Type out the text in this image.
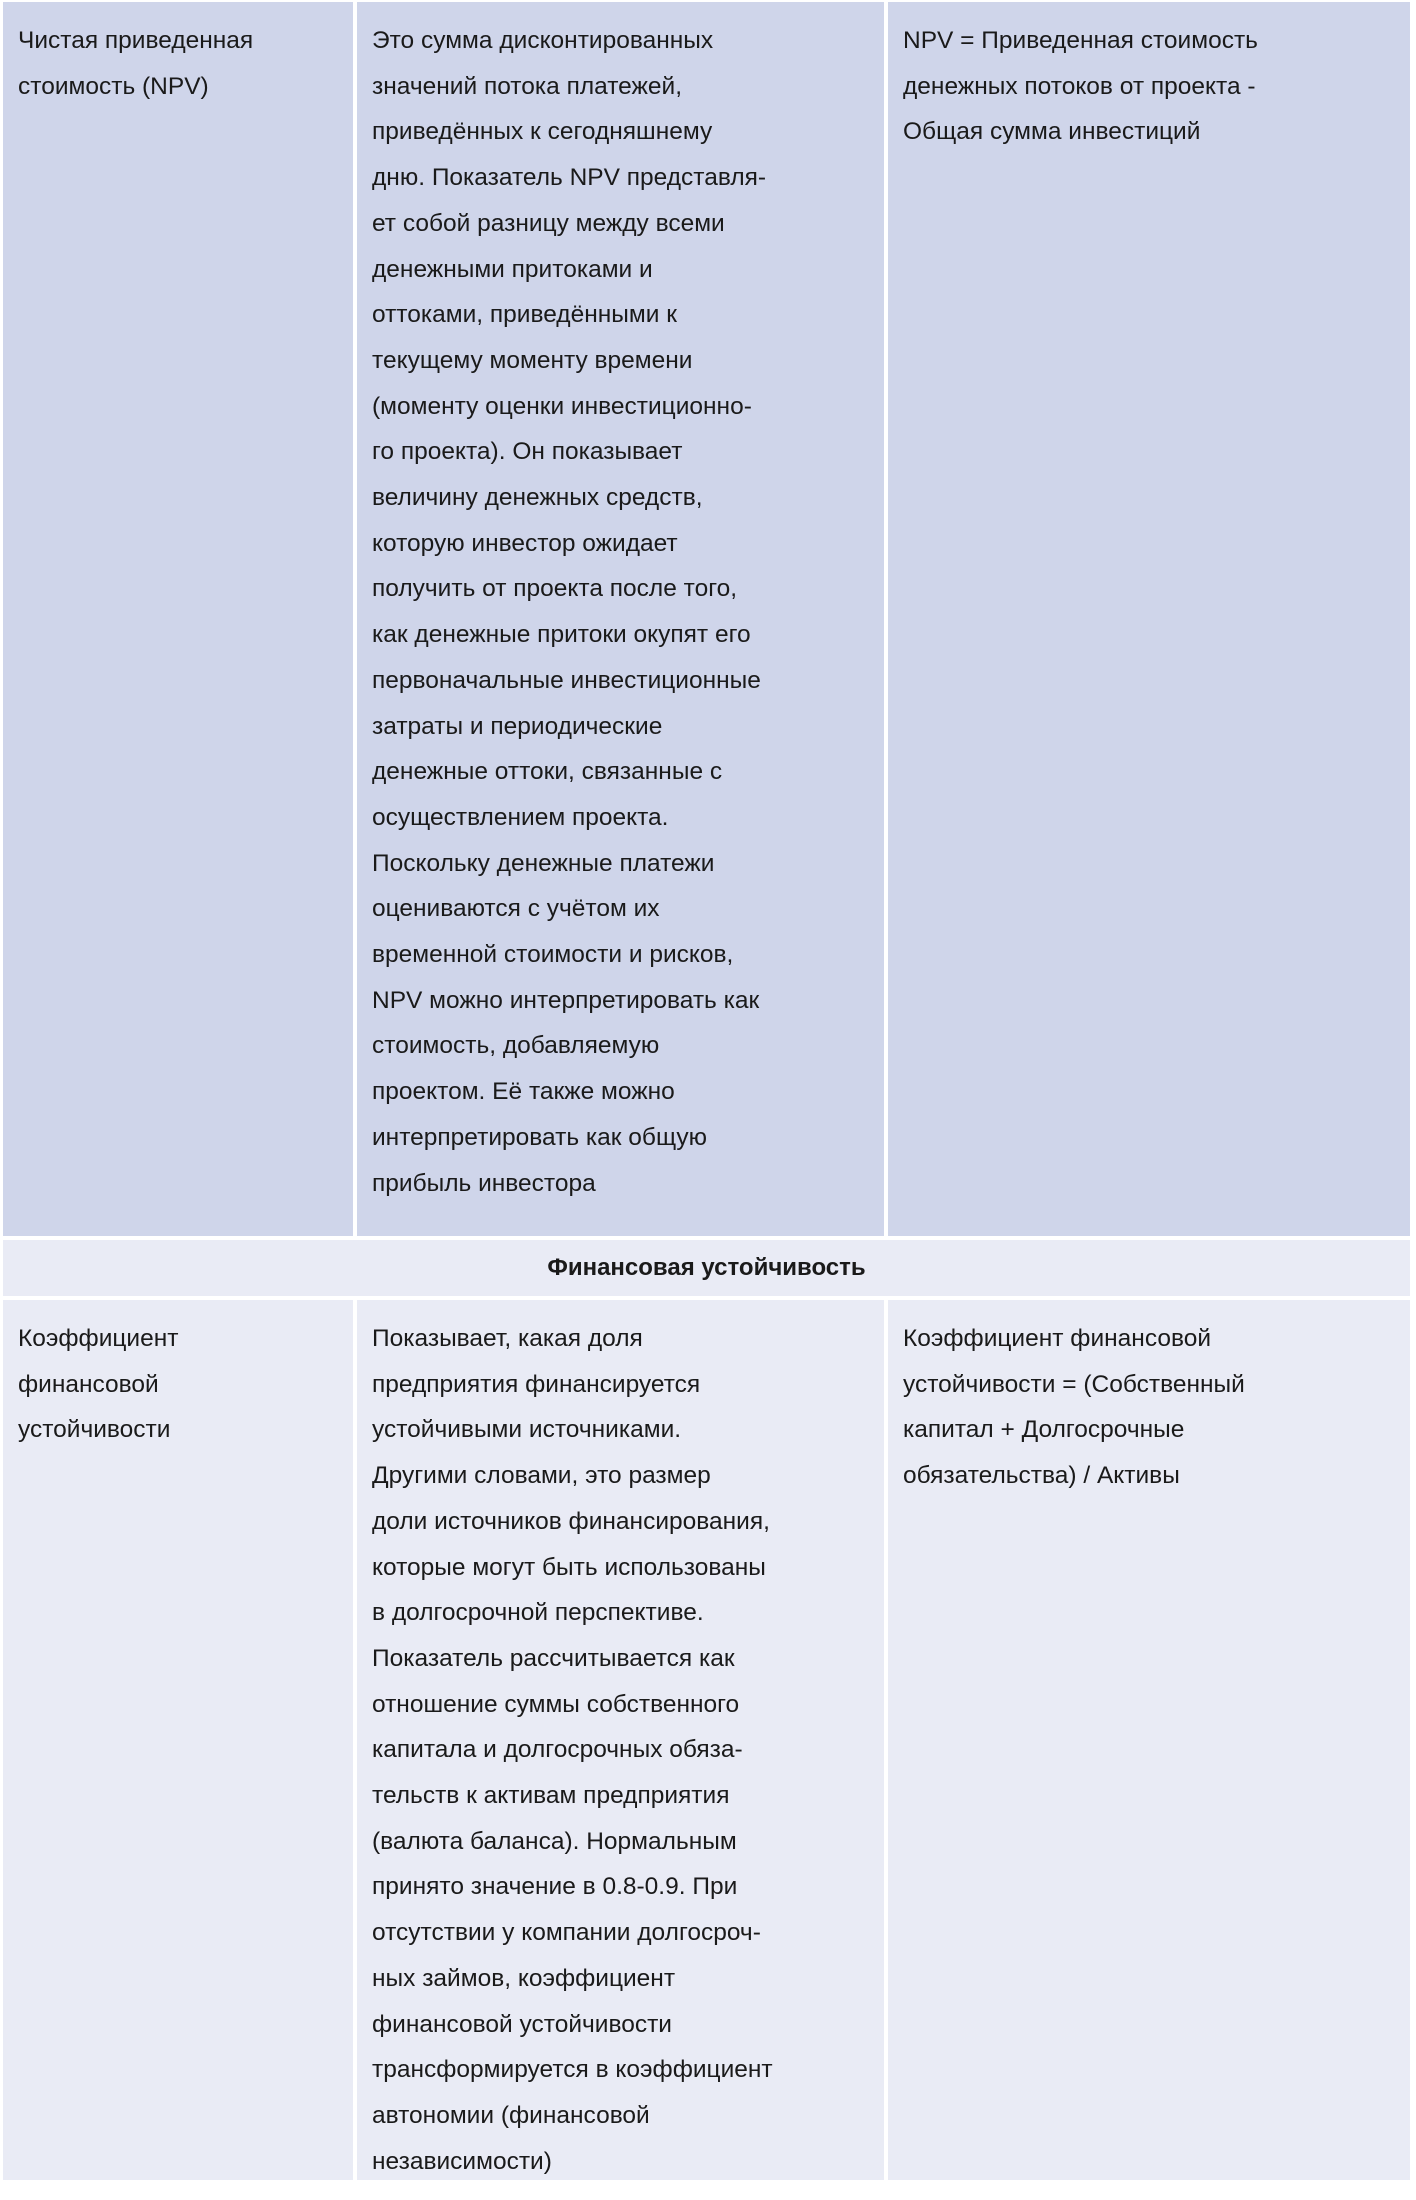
Чистая приведенная
стоимость (NPV)
Это сумма дисконтированных
значений потока платежей,
приведённых к сегодняшнему
дню. Показатель NPV представля-
ет собой разницу между всеми
денежными притоками и
оттоками, приведёнными к
текущему моменту времени
(моменту оценки инвестиционно-
го проекта). Он показывает
величину денежных средств,
которую инвестор ожидает
получить от проекта после того,
как денежные притоки окупят его
первоначальные инвестиционные
затраты и периодические
денежные оттоки, связанные с
осуществлением проекта.
Поскольку денежные платежи
оцениваются с учётом их
временной стоимости и рисков,
NPV можно интерпретировать как
стоимость, добавляемую
проектом. Её также можно
интерпретировать как общую
прибыль инвестора
NPV = Приведенная стоимость
денежных потоков от проекта -
Общая сумма инвестиций
Финансовая устойчивость
Коэффициент
финансовой
устойчивости
Показывает, какая доля
предприятия финансируется
устойчивыми источниками.
Другими словами, это размер
доли источников финансирования,
которые могут быть использованы
в долгосрочной перспективе.
Показатель рассчитывается как
отношение суммы собственного
капитала и долгосрочных обяза-
тельств к активам предприятия
(валюта баланса). Нормальным
принято значение в 0.8-0.9. При
отсутствии у компании долгосроч-
ных займов, коэффициент
финансовой устойчивости
трансформируется в коэффициент
автономии (финансовой
независимости)
Коэффициент финансовой
устойчивости = (Собственный
капитал + Долгосрочные
обязательства) / Активы
